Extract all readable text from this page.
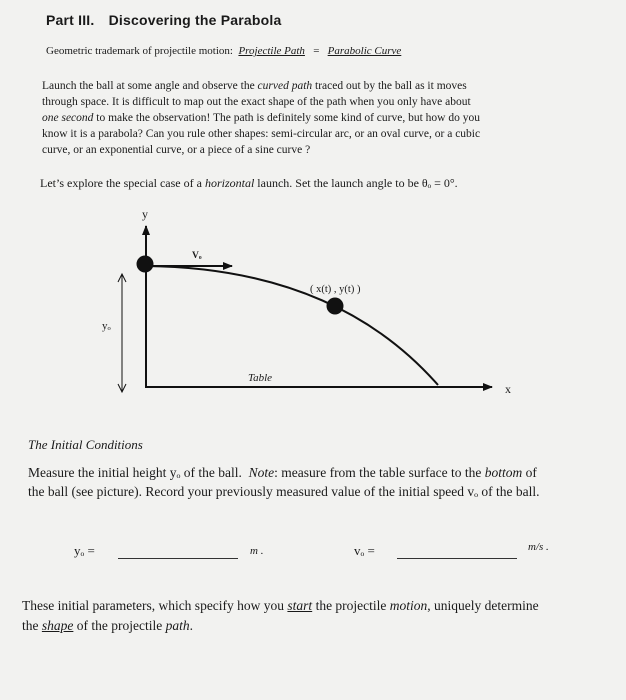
Part III. Discovering the Parabola
Geometric trademark of projectile motion: Projectile Path = Parabolic Curve
Launch the ball at some angle and observe the curved path traced out by the ball as it moves
through space. It is difficult to map out the exact shape of the path when you only have about
one second to make the observation! The path is definitely some kind of curve, but how do you
know it is a parabola? Can you rule other shapes: semi-circular arc, or an oval curve, or a cubic
curve, or an exponential curve, or a piece of a sine curve ?
Let’s explore the special case of a horizontal launch. Set the launch angle to be θₒ = 0°.
y
x
Vₒ
( x(t) , y(t) )
yₒ
Table
The Initial Conditions
Measure the initial height yₒ of the ball. Note: measure from the table surface to the bottom of
the ball (see picture). Record your previously measured value of the initial speed vₒ of the ball.
yₒ =	m .	vₒ =	m/s .
These initial parameters, which specify how you start the projectile motion, uniquely determine
the shape of the projectile path.
